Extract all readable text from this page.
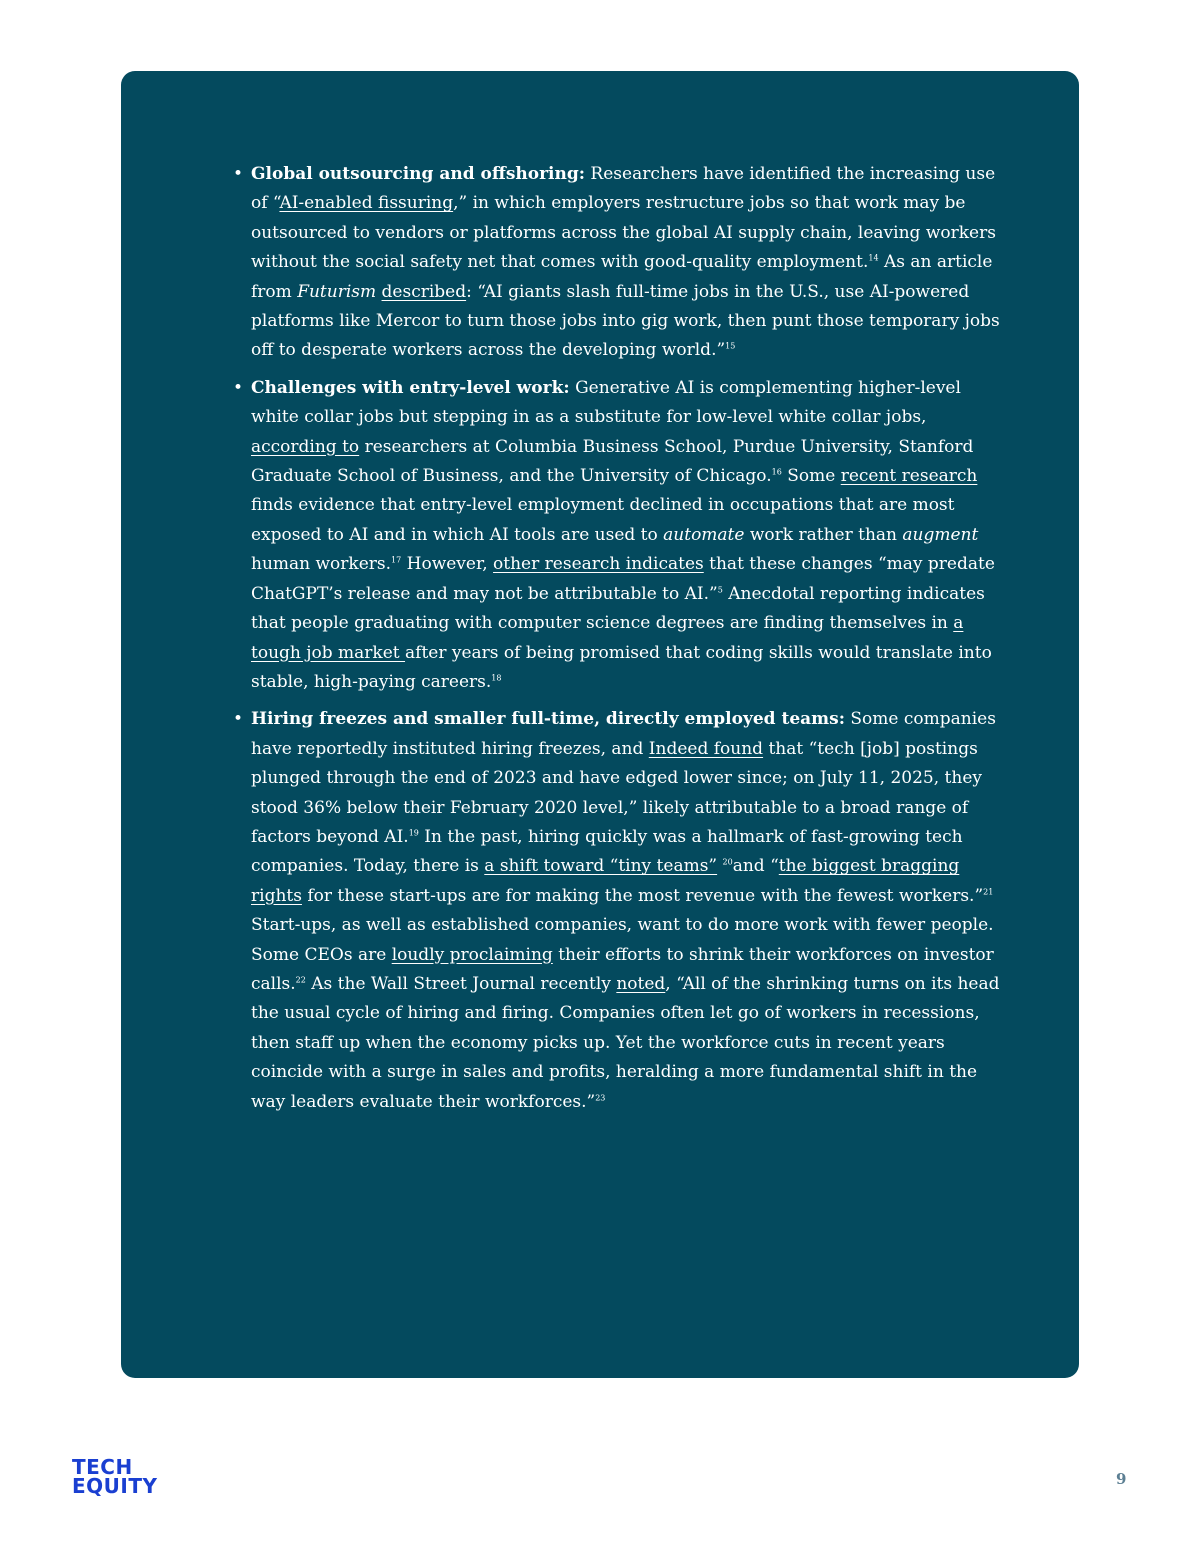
• Global outsourcing and offshoring: Researchers have identified the increasing use of “AI-enabled fissuring,” in which employers restructure jobs so that work may be outsourced to vendors or platforms across the global AI supply chain, leaving workers without the social safety net that comes with good-quality employment.$^{14}$ As an article from Futurism described: “AI giants slash full-time jobs in the U.S., use AI-powered platforms like Mercor to turn those jobs into gig work, then punt those temporary jobs off to desperate workers across the developing world.”$^{15}$
• Challenges with entry-level work: Generative AI is complementing higher-level white collar jobs but stepping in as a substitute for low-level white collar jobs, according to researchers at Columbia Business School, Purdue University, Stanford Graduate School of Business, and the University of Chicago.$^{16}$ Some recent research finds evidence that entry-level employment declined in occupations that are most exposed to AI and in which AI tools are used to automate work rather than augment human workers.$^{17}$ However, other research indicates that these changes “may predate ChatGPT’s release and may not be attributable to AI.”$^5$ Anecdotal reporting indicates that people graduating with computer science degrees are finding themselves in a tough job market after years of being promised that coding skills would translate into stable, high-paying careers.$^{18}$
• Hiring freezes and smaller full-time, directly employed teams: Some companies have reportedly instituted hiring freezes, and Indeed found that “tech [job] postings plunged through the end of 2023 and have edged lower since; on July 11, 2025, they stood 36% below their February 2020 level,” likely attributable to a broad range of factors beyond AI.$^{19}$ In the past, hiring quickly was a hallmark of fast-growing tech companies. Today, there is a shift toward “tiny teams” $^{20}$and “the biggest bragging rights for these start-ups are for making the most revenue with the fewest workers.”$^{21}$ Start-ups, as well as established companies, want to do more work with fewer people. Some CEOs are loudly proclaiming their efforts to shrink their workforces on investor calls.$^{22}$ As the Wall Street Journal recently noted, “All of the shrinking turns on its head the usual cycle of hiring and firing. Companies often let go of workers in recessions, then staff up when the economy picks up. Yet the workforce cuts in recent years coincide with a surge in sales and profits, heralding a more fundamental shift in the way leaders evaluate their workforces.”$^{23}$
TECH
EQUITY	9
